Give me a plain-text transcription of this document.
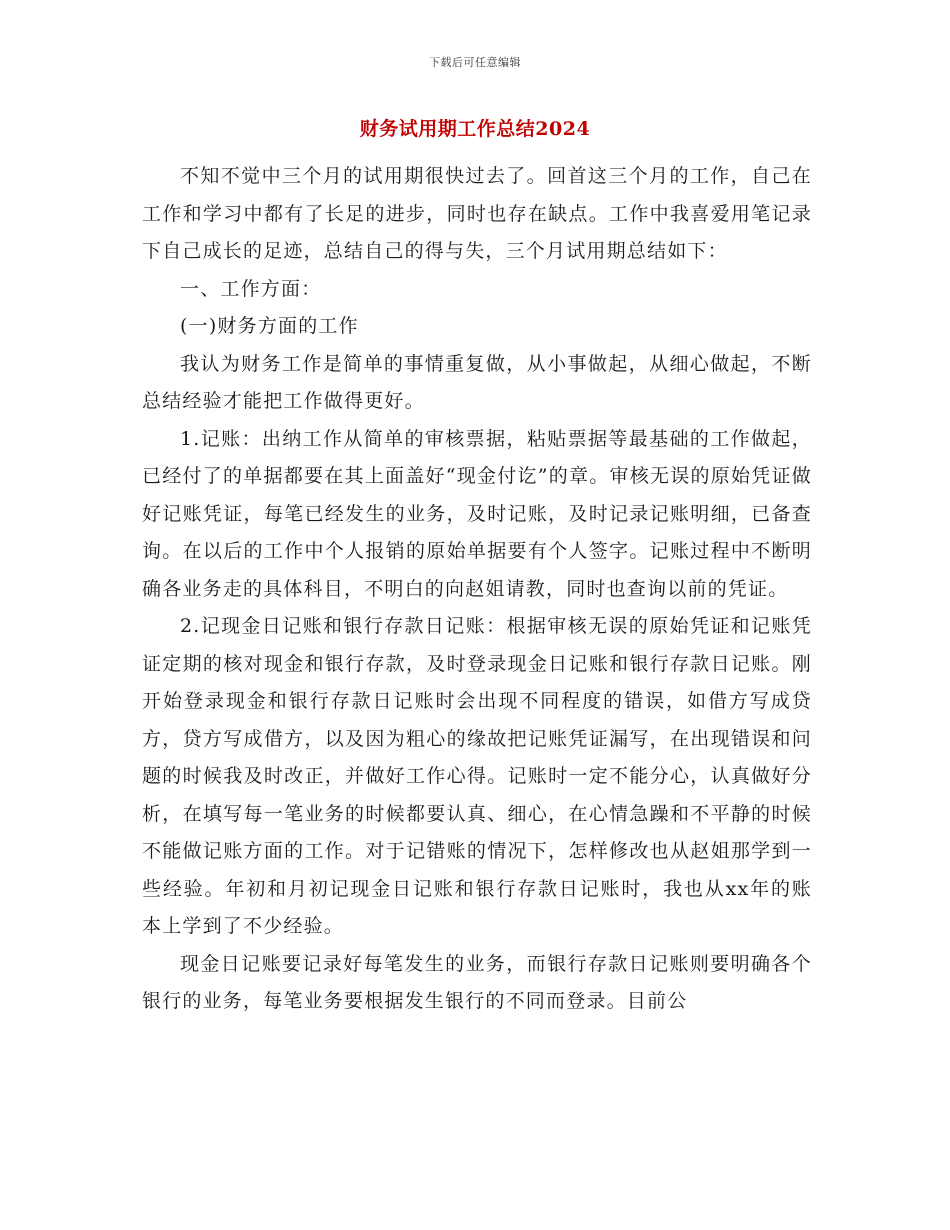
下载后可任意编辑
财务试用期工作总结2024

不知不觉中三个月的试用期很快过去了。回首这三个月的工作，自己在工作和学习中都有了长足的进步，同时也存在缺点。工作中我喜爱用笔记录下自己成长的足迹，总结自己的得与失，三个月试用期总结如下：

一、工作方面：

(一)财务方面的工作

我认为财务工作是简单的事情重复做，从小事做起，从细心做起，不断总结经验才能把工作做得更好。

1.记账：出纳工作从简单的审核票据，粘贴票据等最基础的工作做起，已经付了的单据都要在其上面盖好“现金付讫”的章。审核无误的原始凭证做好记账凭证，每笔已经发生的业务，及时记账，及时记录记账明细，已备查询。在以后的工作中个人报销的原始单据要有个人签字。记账过程中不断明确各业务走的具体科目，不明白的向赵姐请教，同时也查询以前的凭证。

2.记现金日记账和银行存款日记账：根据审核无误的原始凭证和记账凭证定期的核对现金和银行存款，及时登录现金日记账和银行存款日记账。刚开始登录现金和银行存款日记账时会出现不同程度的错误，如借方写成贷方，贷方写成借方，以及因为粗心的缘故把记账凭证漏写，在出现错误和问题的时候我及时改正，并做好工作心得。记账时一定不能分心，认真做好分析，在填写每一笔业务的时候都要认真、细心，在心情急躁和不平静的时候不能做记账方面的工作。对于记错账的情况下，怎样修改也从赵姐那学到一些经验。年初和月初记现金日记账和银行存款日记账时，我也从xx年的账本上学到了不少经验。

现金日记账要记录好每笔发生的业务，而银行存款日记账则要明确各个银行的业务，每笔业务要根据发生银行的不同而登录。目前公
